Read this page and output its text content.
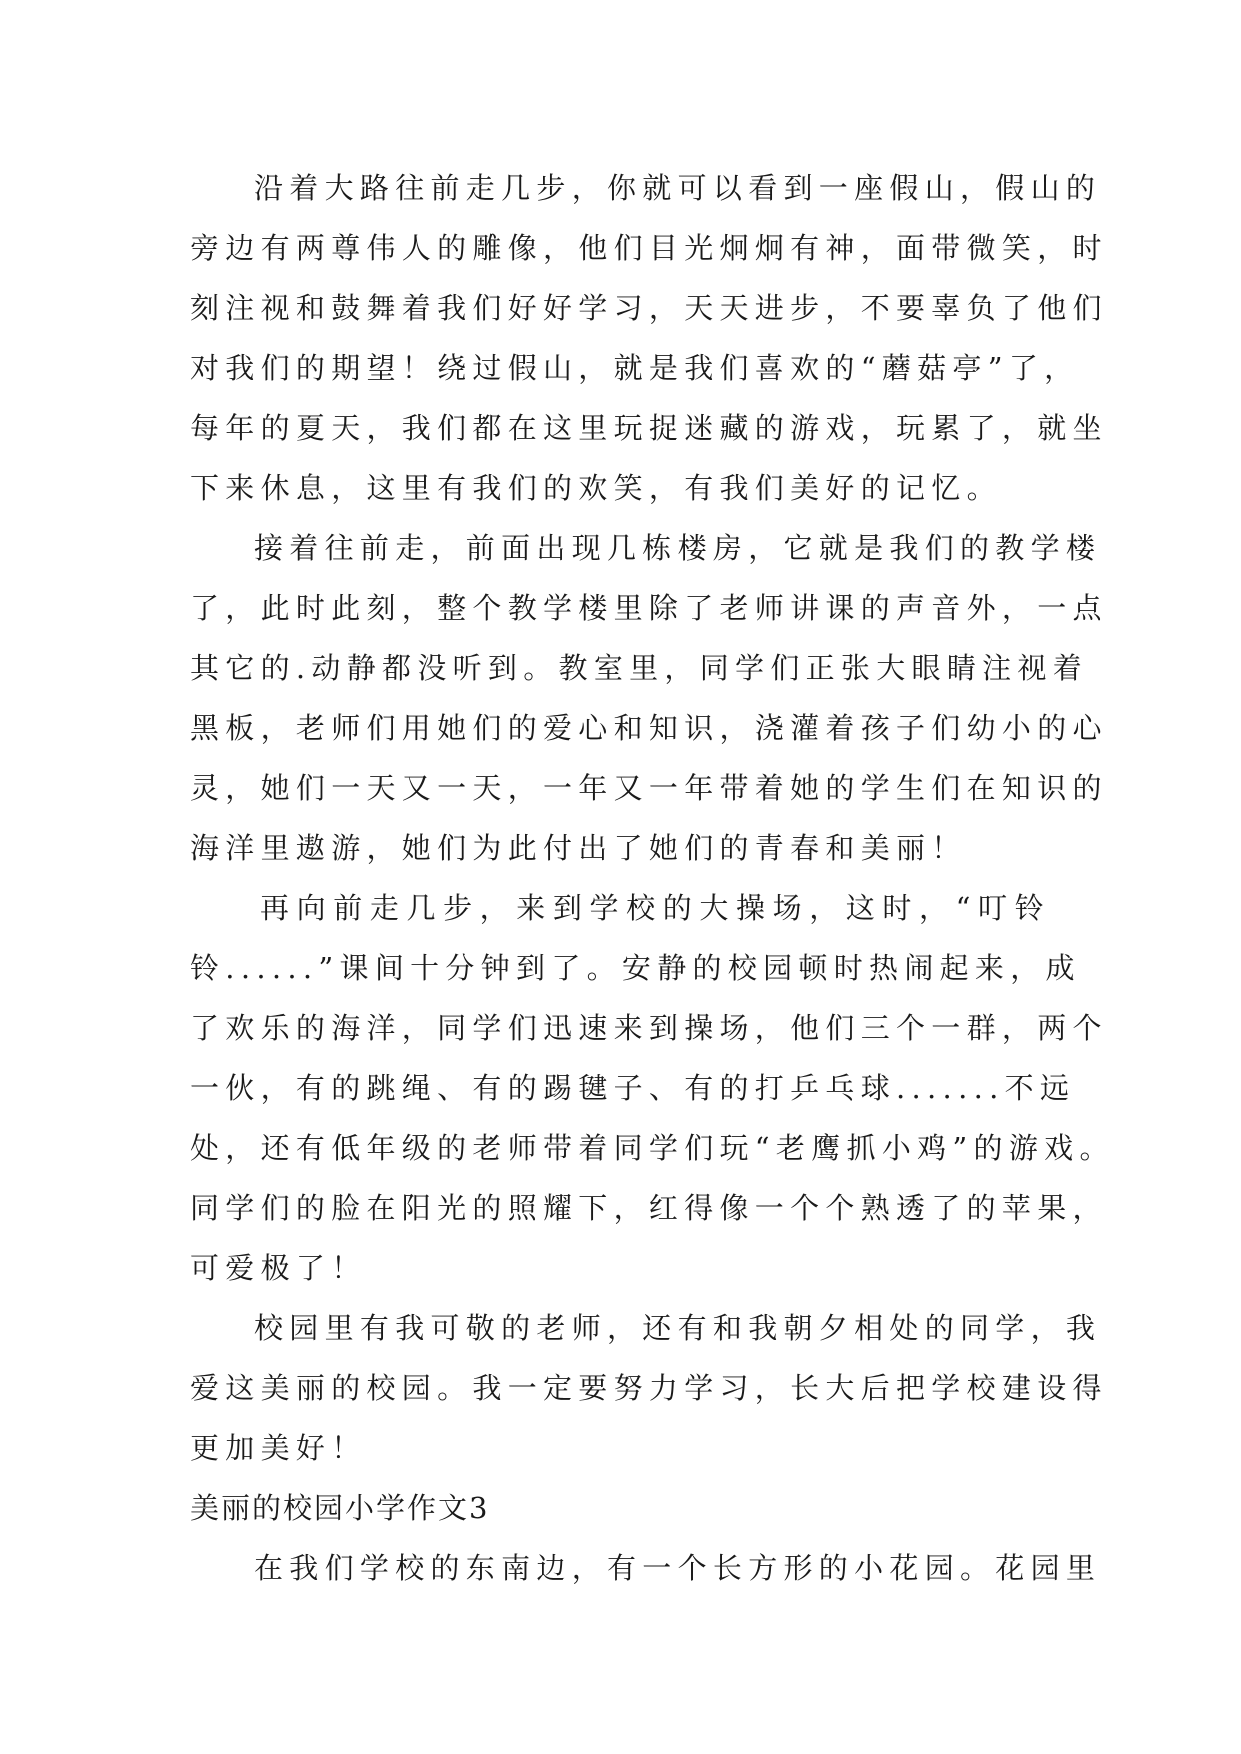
沿着大路往前走几步，你就可以看到一座假山，假山的
旁边有两尊伟人的雕像，他们目光炯炯有神，面带微笑，时
刻注视和鼓舞着我们好好学习，天天进步，不要辜负了他们
对我们的期望！绕过假山，就是我们喜欢的“蘑菇亭”了，
每年的夏天，我们都在这里玩捉迷藏的游戏，玩累了，就坐
下来休息，这里有我们的欢笑，有我们美好的记忆。
接着往前走，前面出现几栋楼房，它就是我们的教学楼
了，此时此刻，整个教学楼里除了老师讲课的声音外，一点
其它的.动静都没听到。教室里，同学们正张大眼睛注视着
黑板，老师们用她们的爱心和知识，浇灌着孩子们幼小的心
灵，她们一天又一天，一年又一年带着她的学生们在知识的
海洋里遨游，她们为此付出了她们的青春和美丽！
再向前走几步，来到学校的大操场，这时，“叮铃
铃......”课间十分钟到了。安静的校园顿时热闹起来，成
了欢乐的海洋，同学们迅速来到操场，他们三个一群，两个
一伙，有的跳绳、有的踢毽子、有的打乒乓球.......不远
处，还有低年级的老师带着同学们玩“老鹰抓小鸡”的游戏。
同学们的脸在阳光的照耀下，红得像一个个熟透了的苹果，
可爱极了！
校园里有我可敬的老师，还有和我朝夕相处的同学，我
爱这美丽的校园。我一定要努力学习，长大后把学校建设得
更加美好！
美丽的校园小学作文3
在我们学校的东南边，有一个长方形的小花园。花园里
